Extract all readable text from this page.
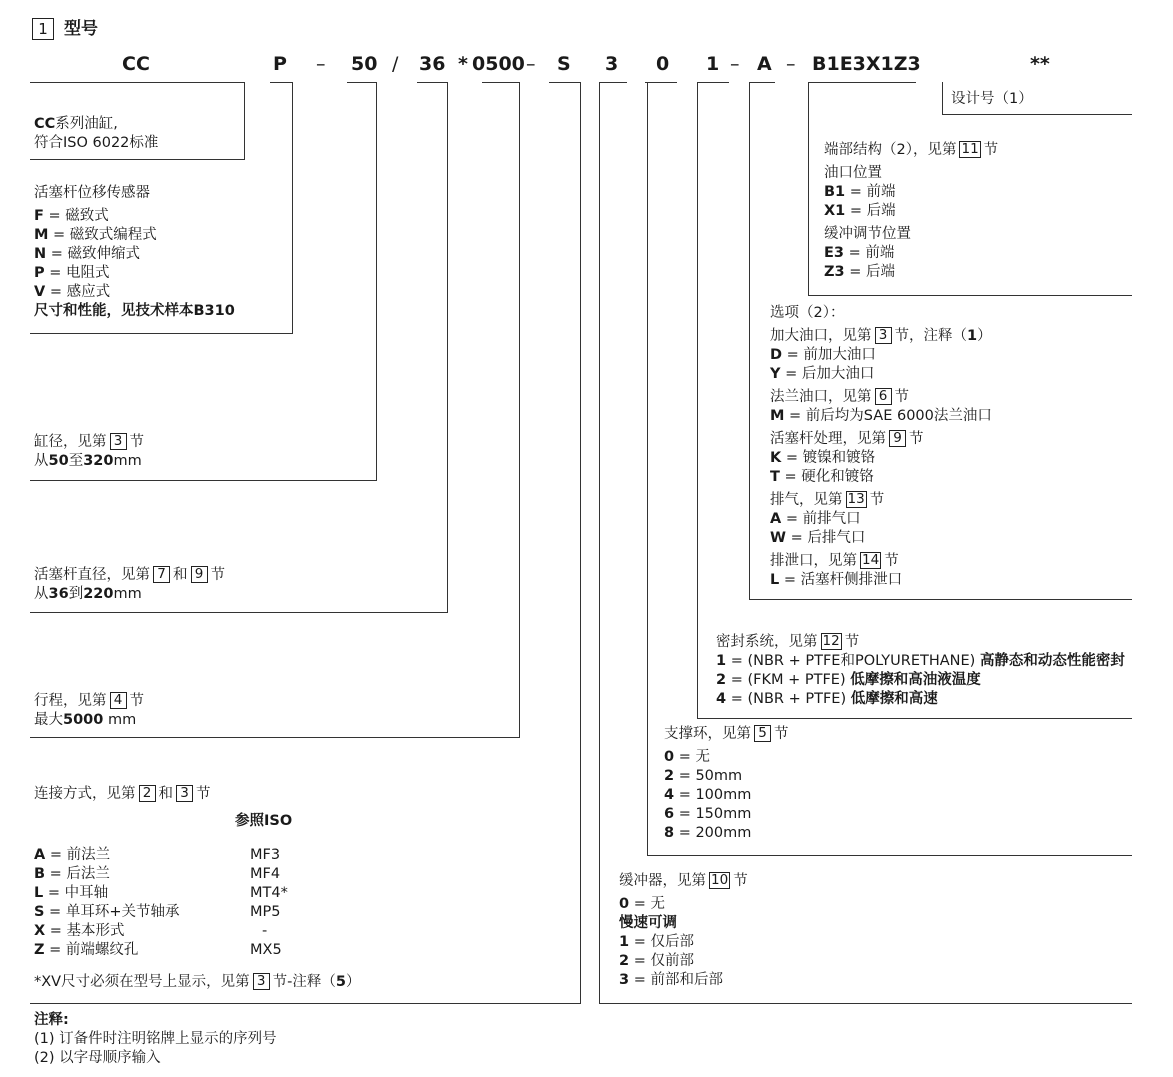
1 型号
CC	P – 50 / 36 * 0500 – S 3 0 1 – A – B1E3X1Z3	**
设计号（1）
CC系列油缸,
符合ISO 6022标准
活塞杆位移传感器
F = 磁致式
M = 磁致式编程式
N = 磁致伸缩式
P = 电阻式
V = 感应式
尺寸和性能，见技术样本B310
缸径，见第 3 节
从50至320mm
活塞杆直径，见第 7 和 9 节
从36到220mm
行程，见第 4 节
最大5000 mm
连接方式，见第 2 和 3 节
参照ISO
A = 前法兰	MF3
B = 后法兰	MF4
L = 中耳轴	MT4*
S = 单耳环+关节轴承	MP5
X = 基本形式	-
Z = 前端螺纹孔	MX5
*XV尺寸必须在型号上显示，见第 3 节-注释（5）
端部结构（2），见第 11 节
油口位置
B1 = 前端
X1 = 后端
缓冲调节位置
E3 = 前端
Z3 = 后端
选项（2）：
加大油口，见第 3 节，注释（1）
D = 前加大油口
Y = 后加大油口
法兰油口，见第 6 节
M = 前后均为SAE 6000法兰油口
活塞杆处理，见第 9 节
K = 镀镍和镀铬
T = 硬化和镀铬
排气，见第 13 节
A = 前排气口
W = 后排气口
排泄口，见第 14 节
L = 活塞杆侧排泄口
密封系统，见第 12 节
1 = (NBR + PTFE和POLYURETHANE) 高静态和动态性能密封
2 = (FKM + PTFE) 低摩擦和高油液温度
4 = (NBR + PTFE) 低摩擦和高速
支撑环，见第 5 节
0 = 无
2 = 50mm
4 = 100mm
6 = 150mm
8 = 200mm
缓冲器，见第 10 节
0 = 无
慢速可调
1 = 仅后部
2 = 仅前部
3 = 前部和后部
注释:
(1) 订备件时注明铭牌上显示的序列号
(2) 以字母顺序输入
